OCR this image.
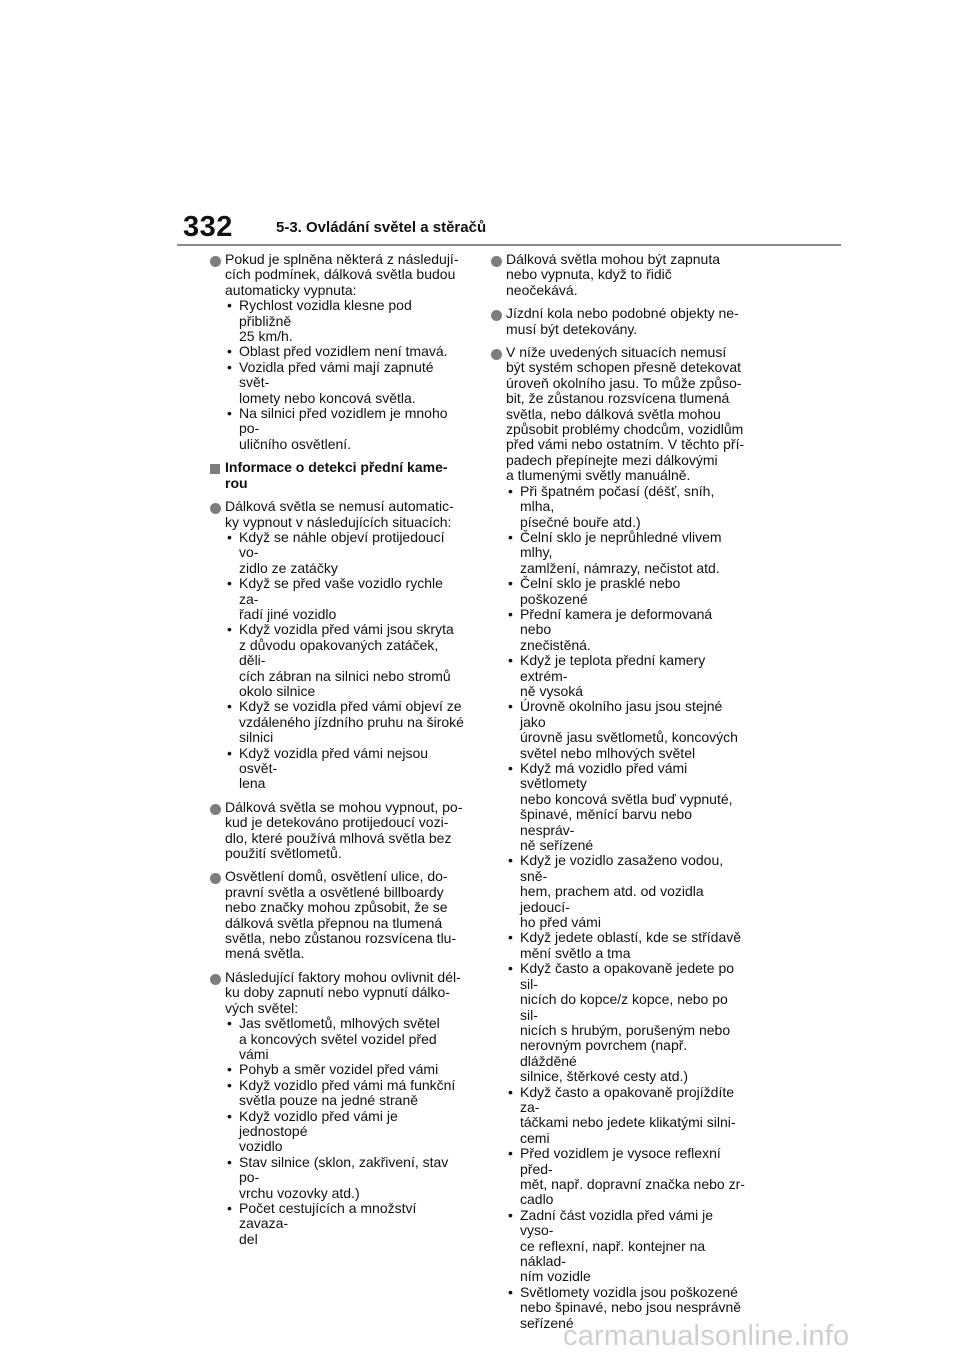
332	5-3. Ovládání světel a stěračů
Pokud je splněna některá z následují-
cích podmínek, dálková světla budou
automaticky vypnuta:
• Rychlost vozidla klesne pod přibližně
25 km/h.
• Oblast před vozidlem není tmavá.
• Vozidla před vámi mají zapnuté svět-
lomety nebo koncová světla.
• Na silnici před vozidlem je mnoho po-
uličního osvětlení.
Informace o detekci přední kame-
rou
Dálková světla se nemusí automatic-
ky vypnout v následujících situacích:
• Když se náhle objeví protijedoucí vo-
zidlo ze zatáčky
• Když se před vaše vozidlo rychle za-
řadí jiné vozidlo
• Když vozidla před vámi jsou skryta
z důvodu opakovaných zatáček, děli-
cích zábran na silnici nebo stromů
okolo silnice
• Když se vozidla před vámi objeví ze
vzdáleného jízdního pruhu na široké
silnici
• Když vozidla před vámi nejsou osvět-
lena
Dálková světla se mohou vypnout, po-
kud je detekováno protijedoucí vozi-
dlo, které používá mlhová světla bez
použití světlometů.
Osvětlení domů, osvětlení ulice, do-
pravní světla a osvětlené billboardy
nebo značky mohou způsobit, že se
dálková světla přepnou na tlumená
světla, nebo zůstanou rozsvícena tlu-
mená světla.
Následující faktory mohou ovlivnit dél-
ku doby zapnutí nebo vypnutí dálko-
vých světel:
• Jas světlometů, mlhových světel
a koncových světel vozidel před vámi
• Pohyb a směr vozidel před vámi
• Když vozidlo před vámi má funkční
světla pouze na jedné straně
• Když vozidlo před vámi je jednostopé
vozidlo
• Stav silnice (sklon, zakřivení, stav po-
vrchu vozovky atd.)
• Počet cestujících a množství zavaza-
del
Dálková světla mohou být zapnuta
nebo vypnuta, když to řidič neočekává.
Jízdní kola nebo podobné objekty ne-
musí být detekovány.
V níže uvedených situacích nemusí
být systém schopen přesně detekovat
úroveň okolního jasu. To může způso-
bit, že zůstanou rozsvícena tlumená
světla, nebo dálková světla mohou
způsobit problémy chodcům, vozidlům
před vámi nebo ostatním. V těchto pří-
padech přepínejte mezi dálkovými
a tlumenými světly manuálně.
• Při špatném počasí (déšť, sníh, mlha,
písečné bouře atd.)
• Čelní sklo je neprůhledné vlivem mlhy,
zamlžení, námrazy, nečistot atd.
• Čelní sklo je prasklé nebo poškozené
• Přední kamera je deformovaná nebo
znečistěná.
• Když je teplota přední kamery extrém-
ně vysoká
• Úrovně okolního jasu jsou stejné jako
úrovně jasu světlometů, koncových
světel nebo mlhových světel
• Když má vozidlo před vámi světlomety
nebo koncová světla buď vypnuté,
špinavé, měnící barvu nebo nespráv-
ně seřízené
• Když je vozidlo zasaženo vodou, sně-
hem, prachem atd. od vozidla jedoucí-
ho před vámi
• Když jedete oblastí, kde se střídavě
mění světlo a tma
• Když často a opakovaně jedete po sil-
nicích do kopce/z kopce, nebo po sil-
nicích s hrubým, porušeným nebo
nerovným povrchem (např. dlážděné
silnice, štěrkové cesty atd.)
• Když často a opakovaně projíždíte za-
táčkami nebo jedete klikatými silni-
cemi
• Před vozidlem je vysoce reflexní před-
mět, např. dopravní značka nebo zr-
cadlo
• Zadní část vozidla před vámi je vyso-
ce reflexní, např. kontejner na náklad-
ním vozidle
• Světlomety vozidla jsou poškozené
nebo špinavé, nebo jsou nesprávně
seřízené
carmanualsonline.info
